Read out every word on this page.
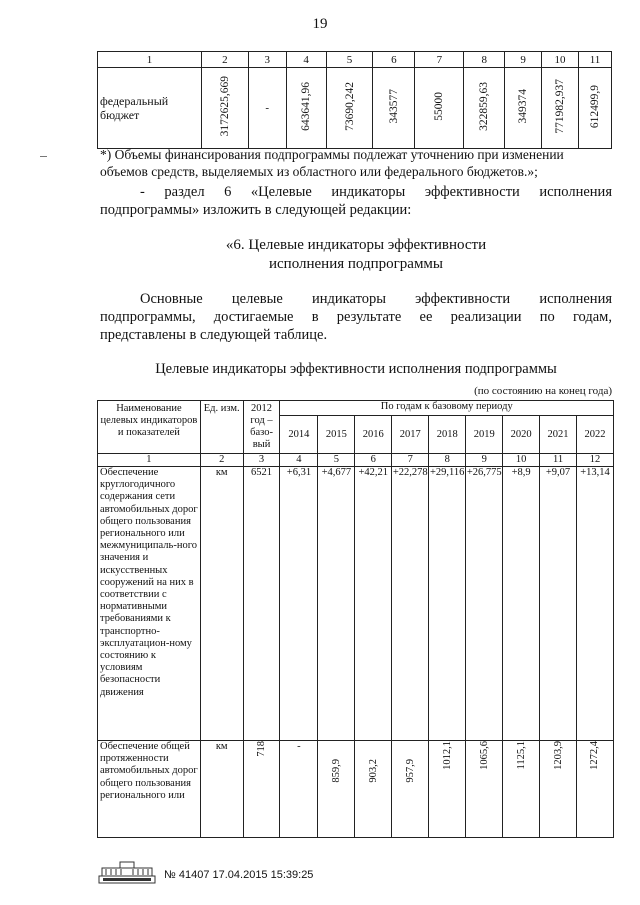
19
1	2	3	4	5	6	7	8	9	10	11
федеральный бюджет	3172625,669	-	643641,96	73690,242	343577	55000	322859,63	349374	771982,937	612499,9
*) Объемы финансирования подпрограммы подлежат уточнению при изменении объемов средств, выделяемых из областного или федерального бюджетов.»;
- раздел 6 «Целевые индикаторы эффективности исполнения
подпрограммы» изложить в следующей редакции:
«6. Целевые индикаторы эффективности
исполнения подпрограммы
Основные целевые индикаторы эффективности исполнения
подпрограммы, достигаемые в результате ее реализации по годам,
представлены в следующей таблице.
Целевые индикаторы эффективности исполнения подпрограммы
(по состоянию на конец года)
Наименование целевых индикаторов и показателей	Ед. изм.	2012 год – базо-вый	По годам к базовому периоду								
			2014	2015	2016	2017	2018	2019	2020	2021	2022
1	2	3	4	5	6	7	8	9	10	11	12
Обеспечение круглогодичного содержания сети автомобильных дорог общего пользования регионального или межмуниципаль-ного значения и искусственных сооружений на них в соответствии с нормативными требованиями к транспортно-эксплуатацион-ному состоянию к условиям безопасности движения	км	6521	+6,31	+4,677	+42,21	+22,278	+29,116	+26,775	+8,9	+9,07	+13,14
Обеспечение общей протяженности автомобильных дорог общего пользования регионального или	км	718	-	859,9	903,2	957,9	1012,1	1065,6	1125,1	1203,9	1272,4
№ 41407 17.04.2015 15:39:25
